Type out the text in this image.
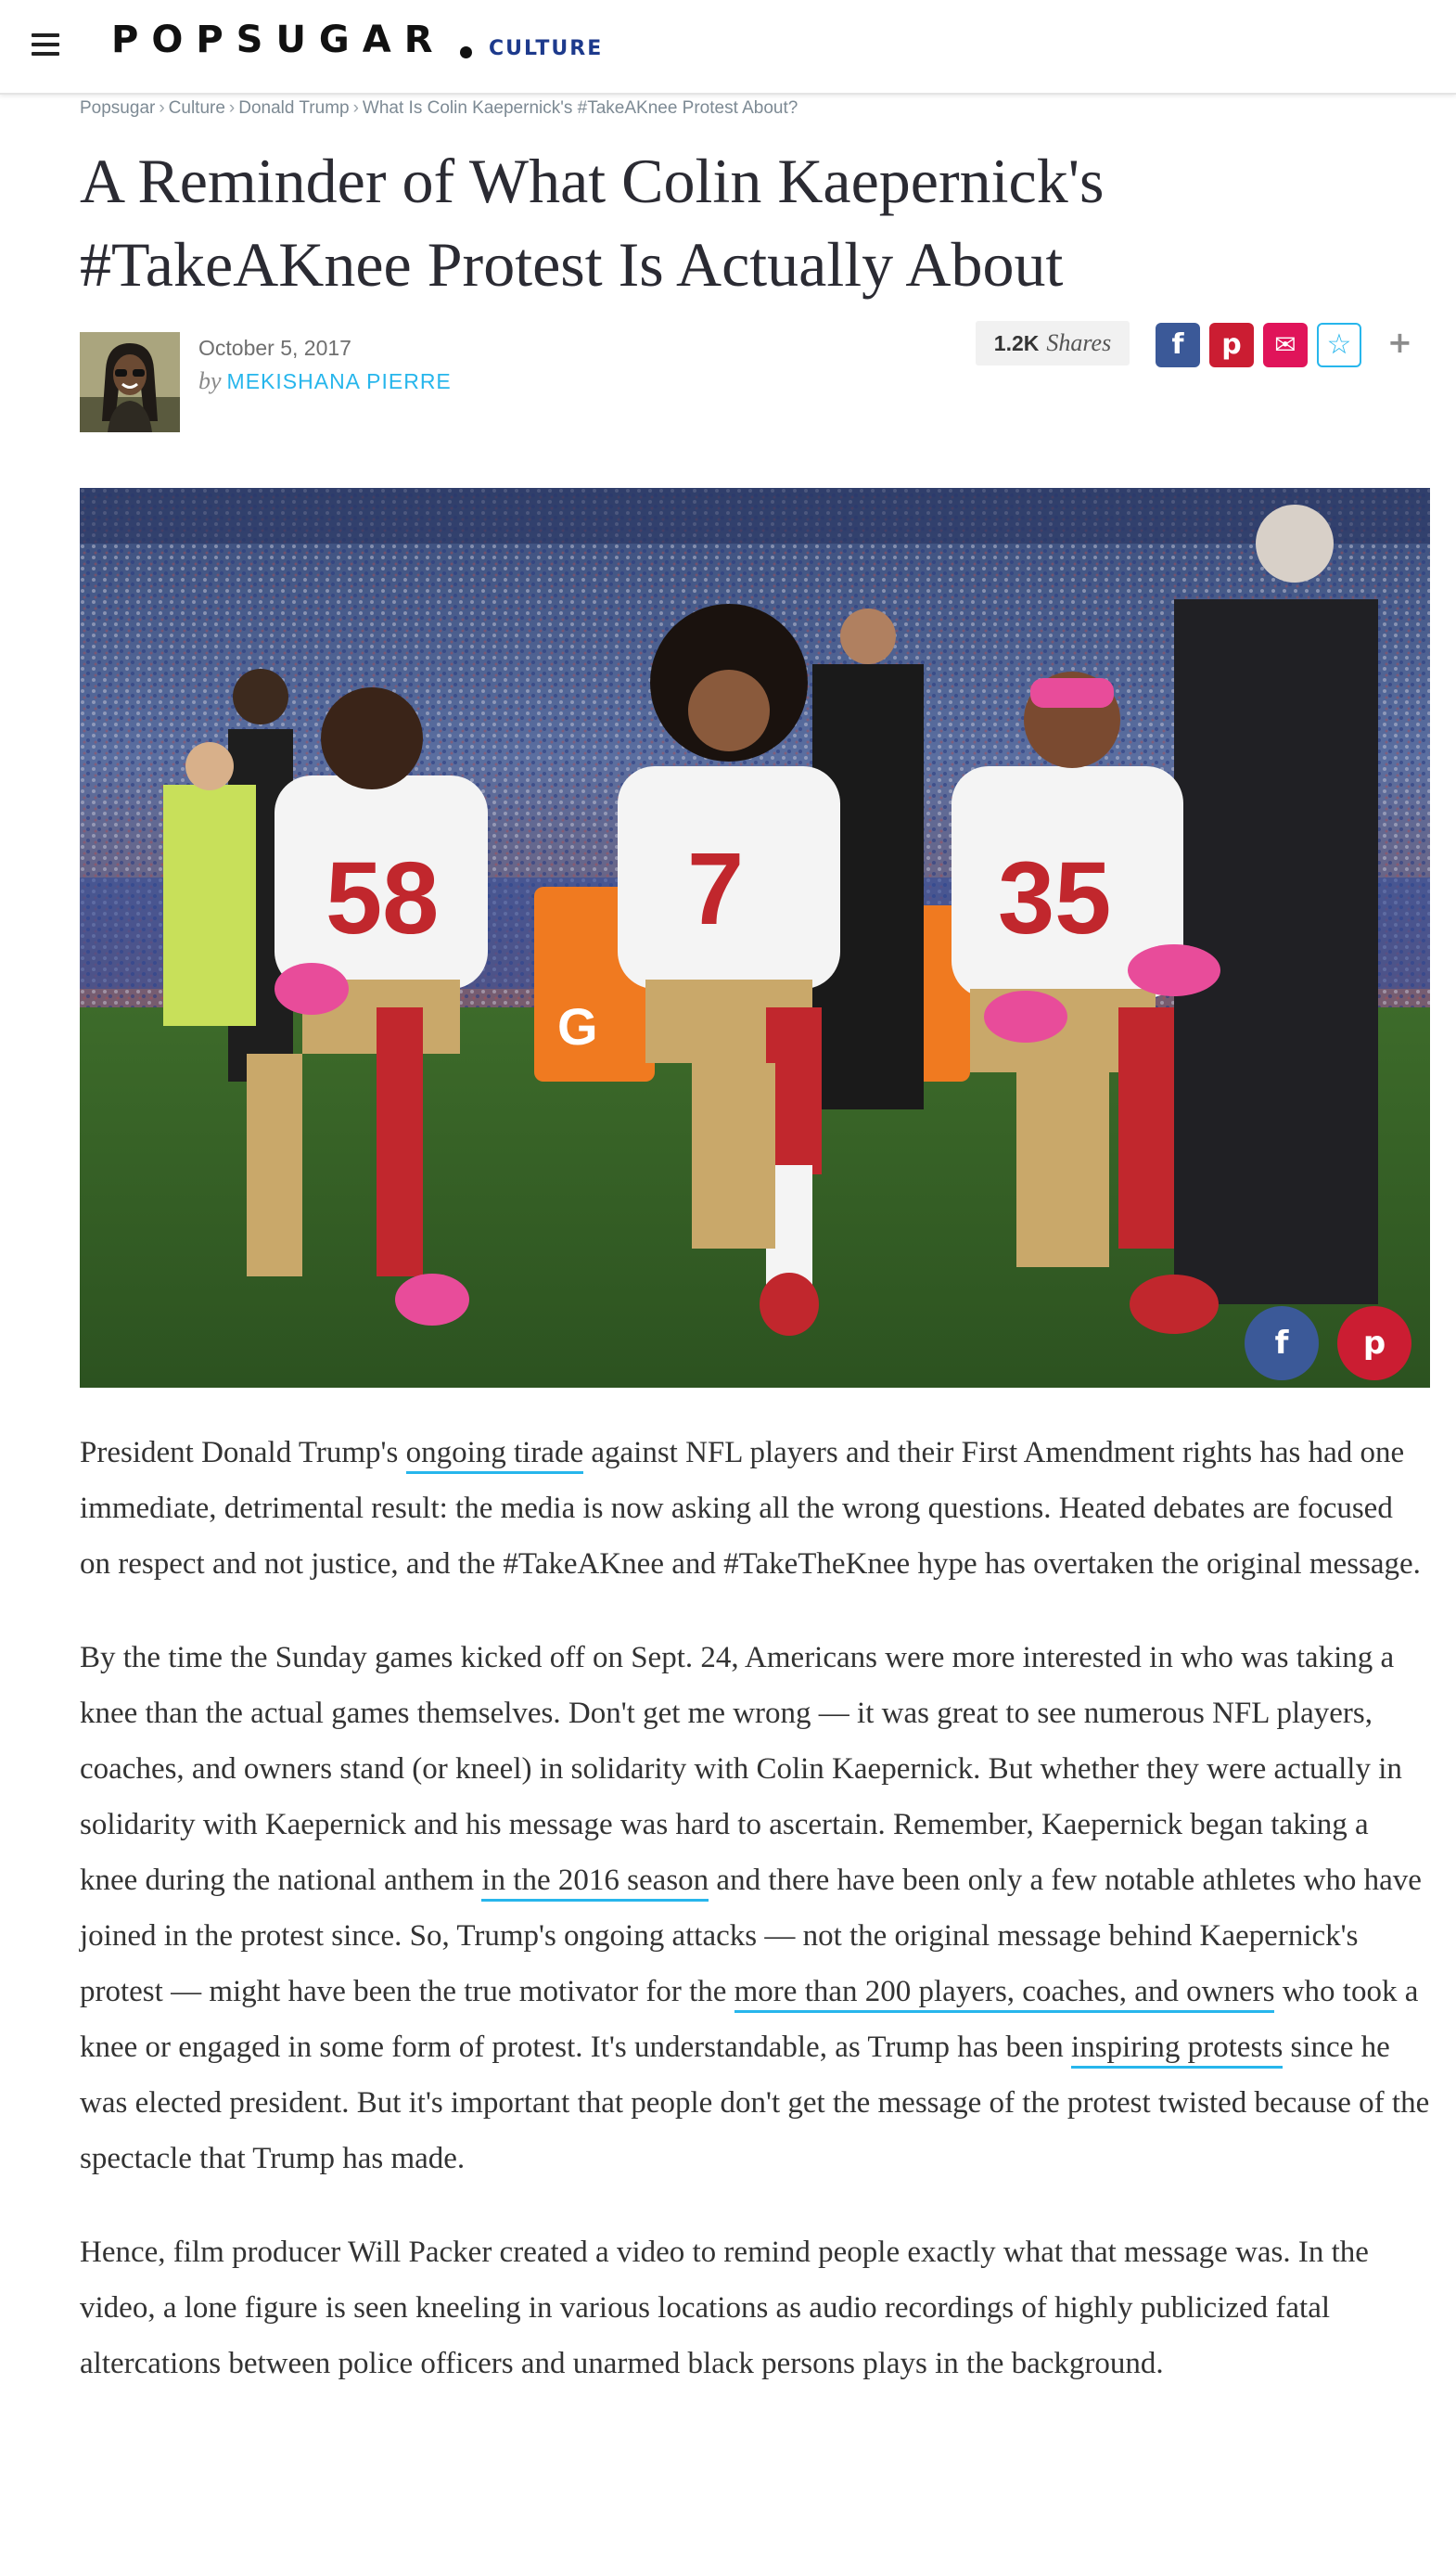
POPSUGAR CULTURE
Popsugar › Culture › Donald Trump › What Is Colin Kaepernick's #TakeAKnee Protest About?
A Reminder of What Colin Kaepernick's #TakeAKnee Protest Is Actually About
October 5, 2017
by MEKISHANA PIERRE
1.2K Shares f p ✉ ☆ +
G
58 7 35
f p

President Donald Trump's ongoing tirade against NFL players and their First Amendment rights has had one immediate, detrimental result: the media is now asking all the wrong questions. Heated debates are focused on respect and not justice, and the #TakeAKnee and #TakeTheKnee hype has overtaken the original message.

By the time the Sunday games kicked off on Sept. 24, Americans were more interested in who was taking a knee than the actual games themselves. Don't get me wrong — it was great to see numerous NFL players, coaches, and owners stand (or kneel) in solidarity with Colin Kaepernick. But whether they were actually in solidarity with Kaepernick and his message was hard to ascertain. Remember, Kaepernick began taking a knee during the national anthem in the 2016 season and there have been only a few notable athletes who have joined in the protest since. So, Trump's ongoing attacks — not the original message behind Kaepernick's protest — might have been the true motivator for the more than 200 players, coaches, and owners who took a knee or engaged in some form of protest. It's understandable, as Trump has been inspiring protests since he was elected president. But it's important that people don't get the message of the protest twisted because of the spectacle that Trump has made.

Hence, film producer Will Packer created a video to remind people exactly what that message was. In the video, a lone figure is seen kneeling in various locations as audio recordings of highly publicized fatal altercations between police officers and unarmed black persons plays in the background.
